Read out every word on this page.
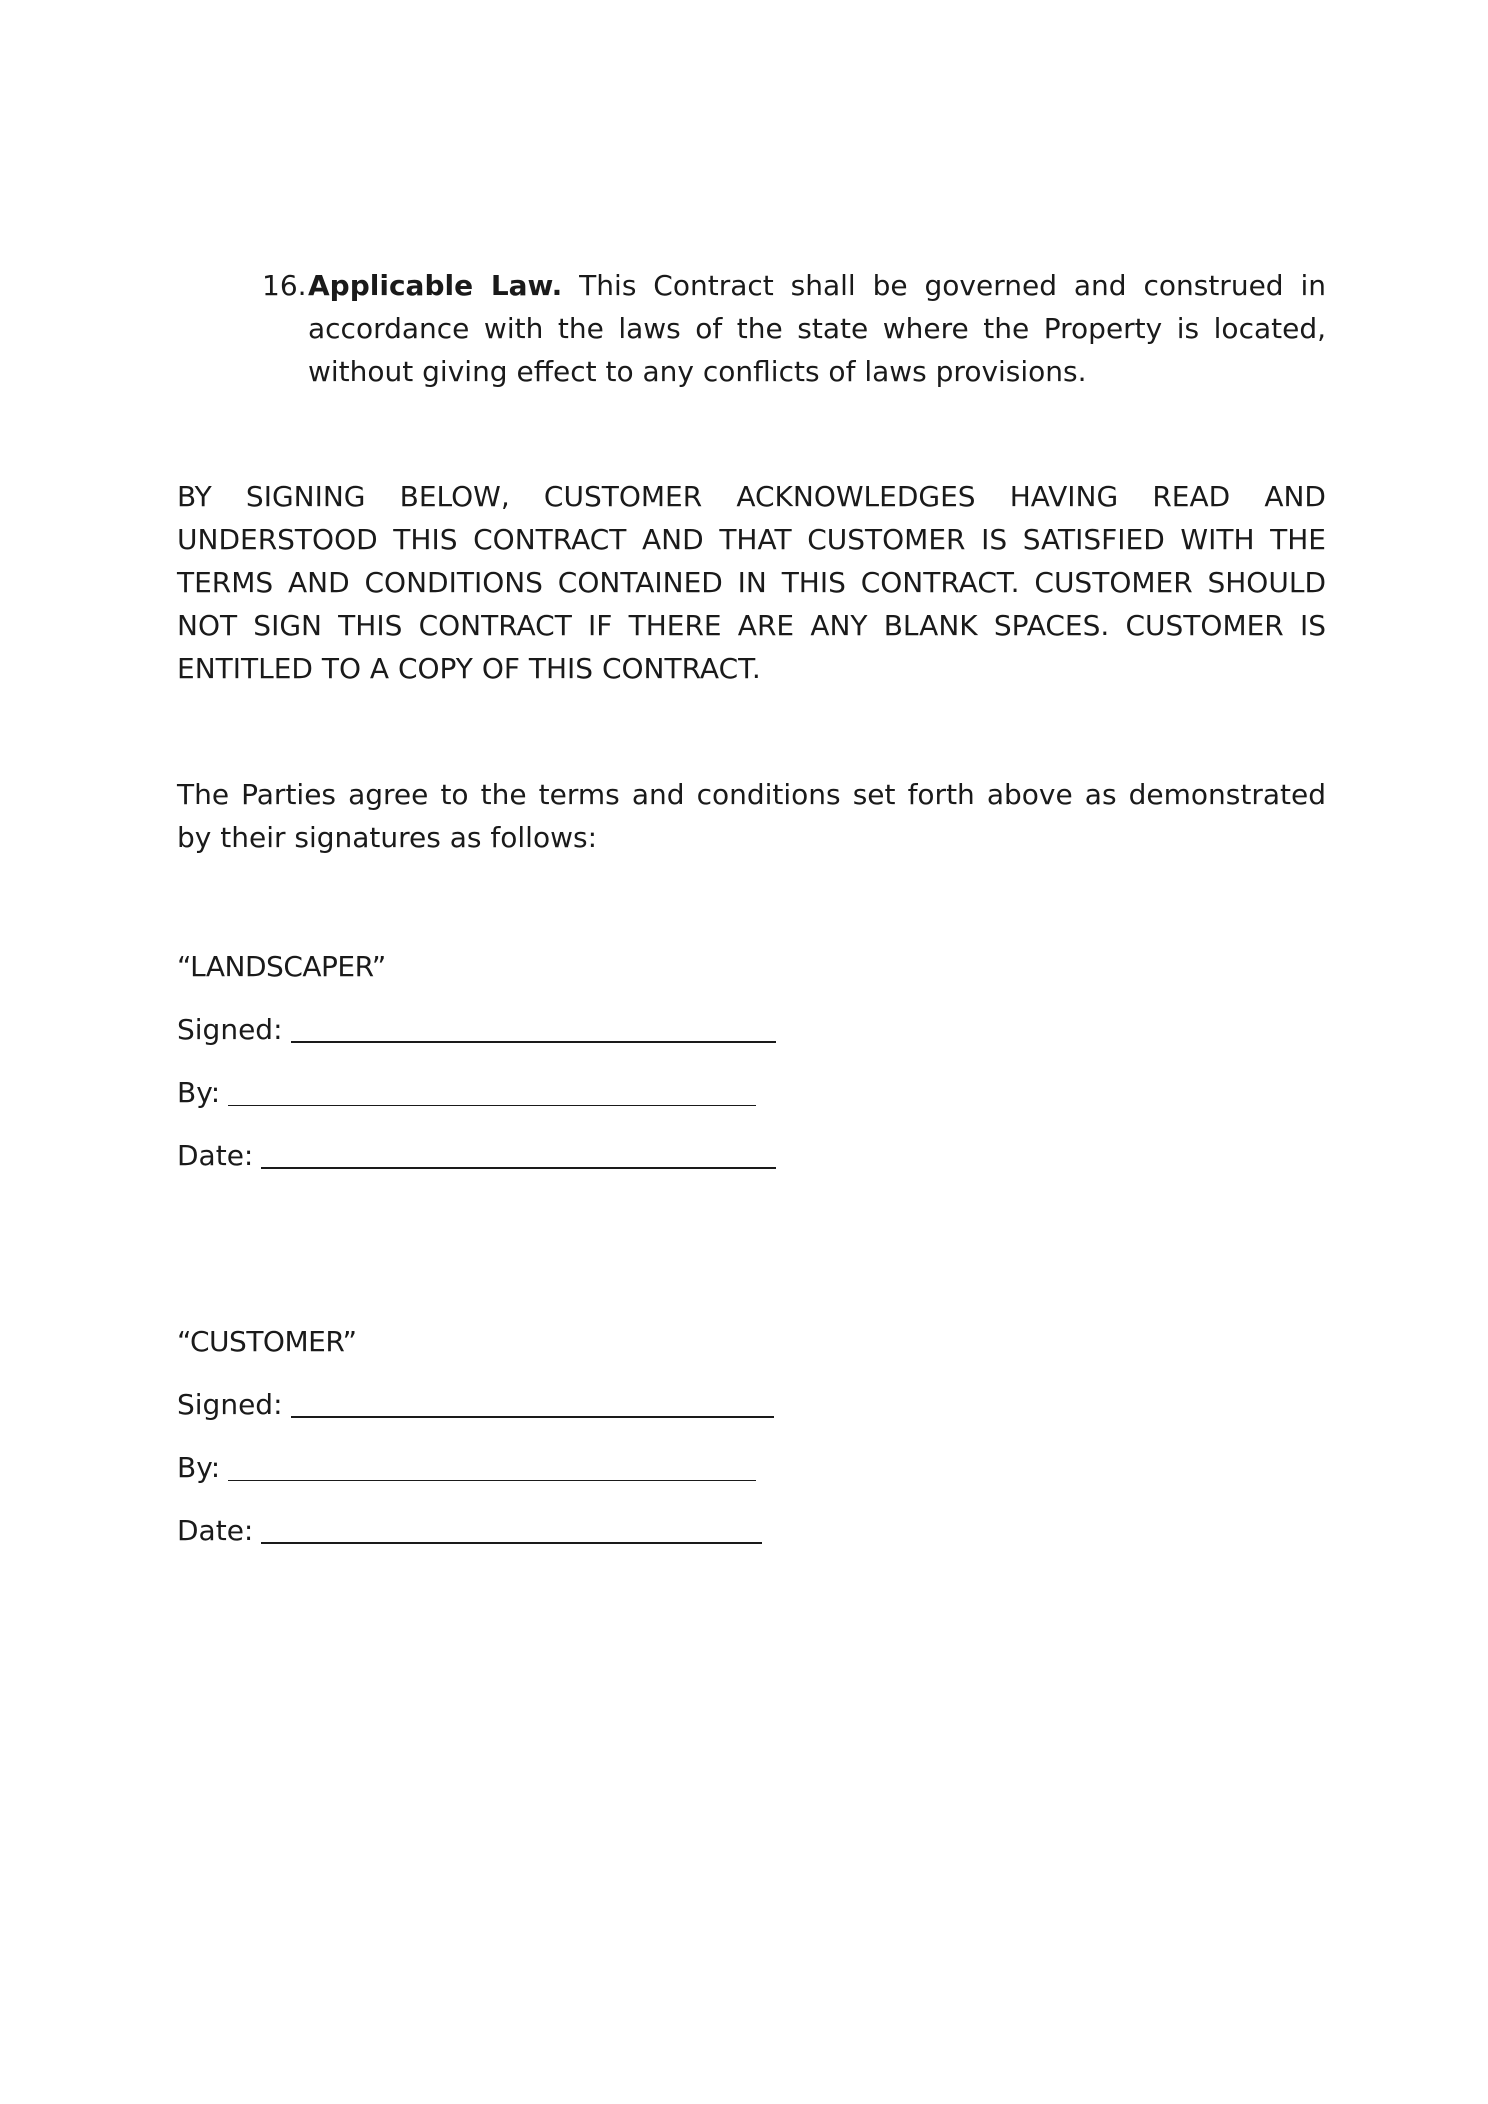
16. Applicable Law. This Contract shall be governed and construed in accordance with the laws of the state where the Property is located, without giving effect to any conflicts of laws provisions.
BY SIGNING BELOW, CUSTOMER ACKNOWLEDGES HAVING READ AND UNDERSTOOD THIS CONTRACT AND THAT CUSTOMER IS SATISFIED WITH THE TERMS AND CONDITIONS CONTAINED IN THIS CONTRACT. CUSTOMER SHOULD NOT SIGN THIS CONTRACT IF THERE ARE ANY BLANK SPACES. CUSTOMER IS ENTITLED TO A COPY OF THIS CONTRACT.
The Parties agree to the terms and conditions set forth above as demonstrated by their signatures as follows:
“LANDSCAPER”
Signed:
By:
Date:
“CUSTOMER”
Signed:
By:
Date:
